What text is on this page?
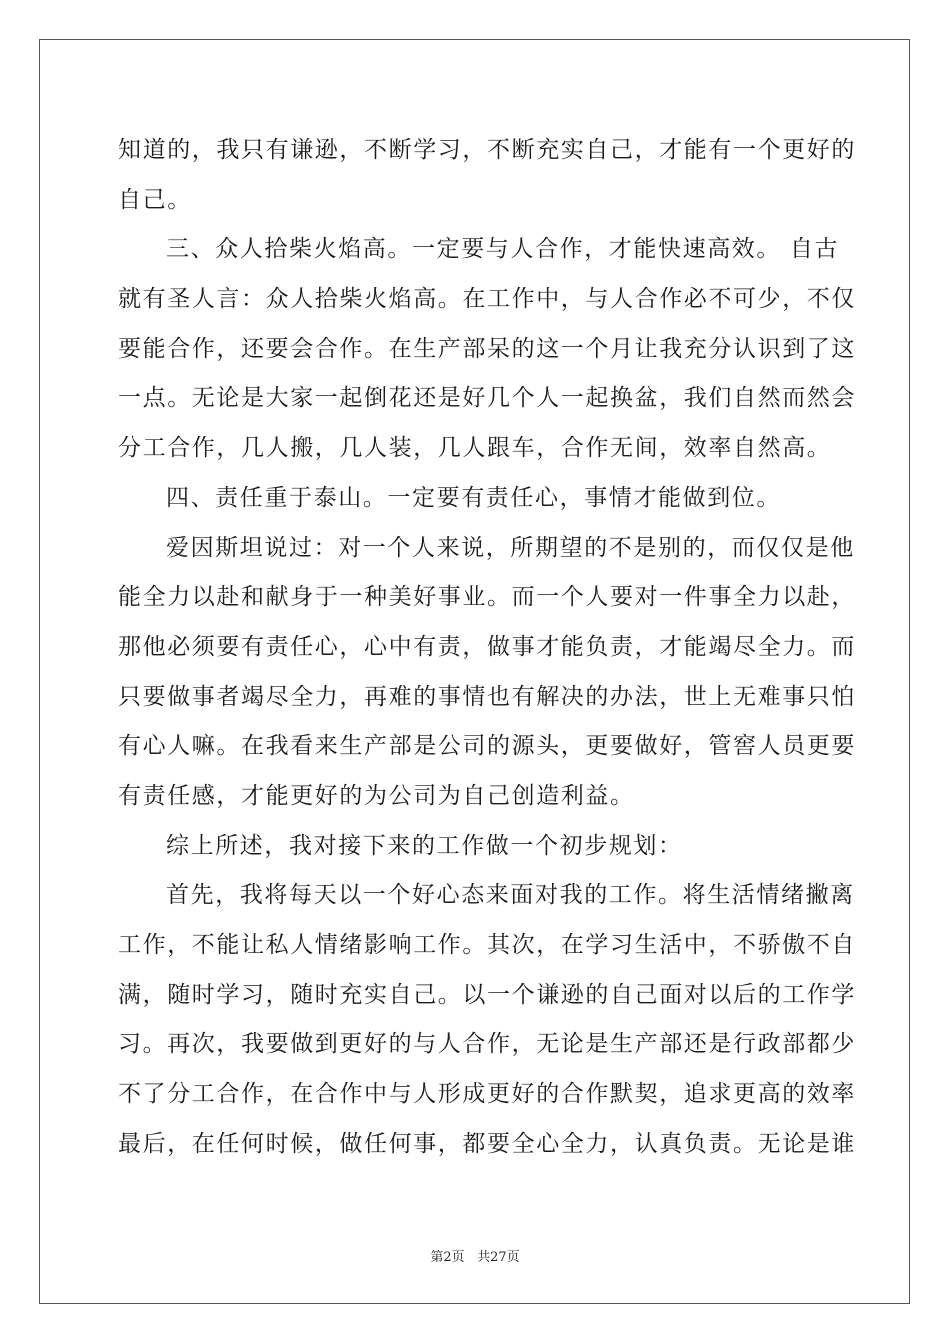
知道的，我只有谦逊，不断学习，不断充实自己，才能有一个更好的
自己。
三、众人拾柴火焰高。一定要与人合作，才能快速高效。 自古
就有圣人言：众人拾柴火焰高。在工作中，与人合作必不可少，不仅
要能合作，还要会合作。在生产部呆的这一个月让我充分认识到了这
一点。无论是大家一起倒花还是好几个人一起换盆，我们自然而然会
分工合作，几人搬，几人装，几人跟车，合作无间，效率自然高。
四、责任重于泰山。一定要有责任心，事情才能做到位。
爱因斯坦说过：对一个人来说，所期望的不是别的，而仅仅是他
能全力以赴和献身于一种美好事业。而一个人要对一件事全力以赴，
那他必须要有责任心，心中有责，做事才能负责，才能竭尽全力。而
只要做事者竭尽全力，再难的事情也有解决的办法，世上无难事只怕
有心人嘛。在我看来生产部是公司的源头，更要做好，管窖人员更要
有责任感，才能更好的为公司为自己创造利益。
综上所述，我对接下来的工作做一个初步规划：
首先，我将每天以一个好心态来面对我的工作。将生活情绪撇离
工作，不能让私人情绪影响工作。其次，在学习生活中，不骄傲不自
满，随时学习，随时充实自己。以一个谦逊的自己面对以后的工作学
习。再次，我要做到更好的与人合作，无论是生产部还是行政部都少
不了分工合作，在合作中与人形成更好的合作默契，追求更高的效率
最后，在任何时候，做任何事，都要全心全力，认真负责。无论是谁
第2页 共27页
